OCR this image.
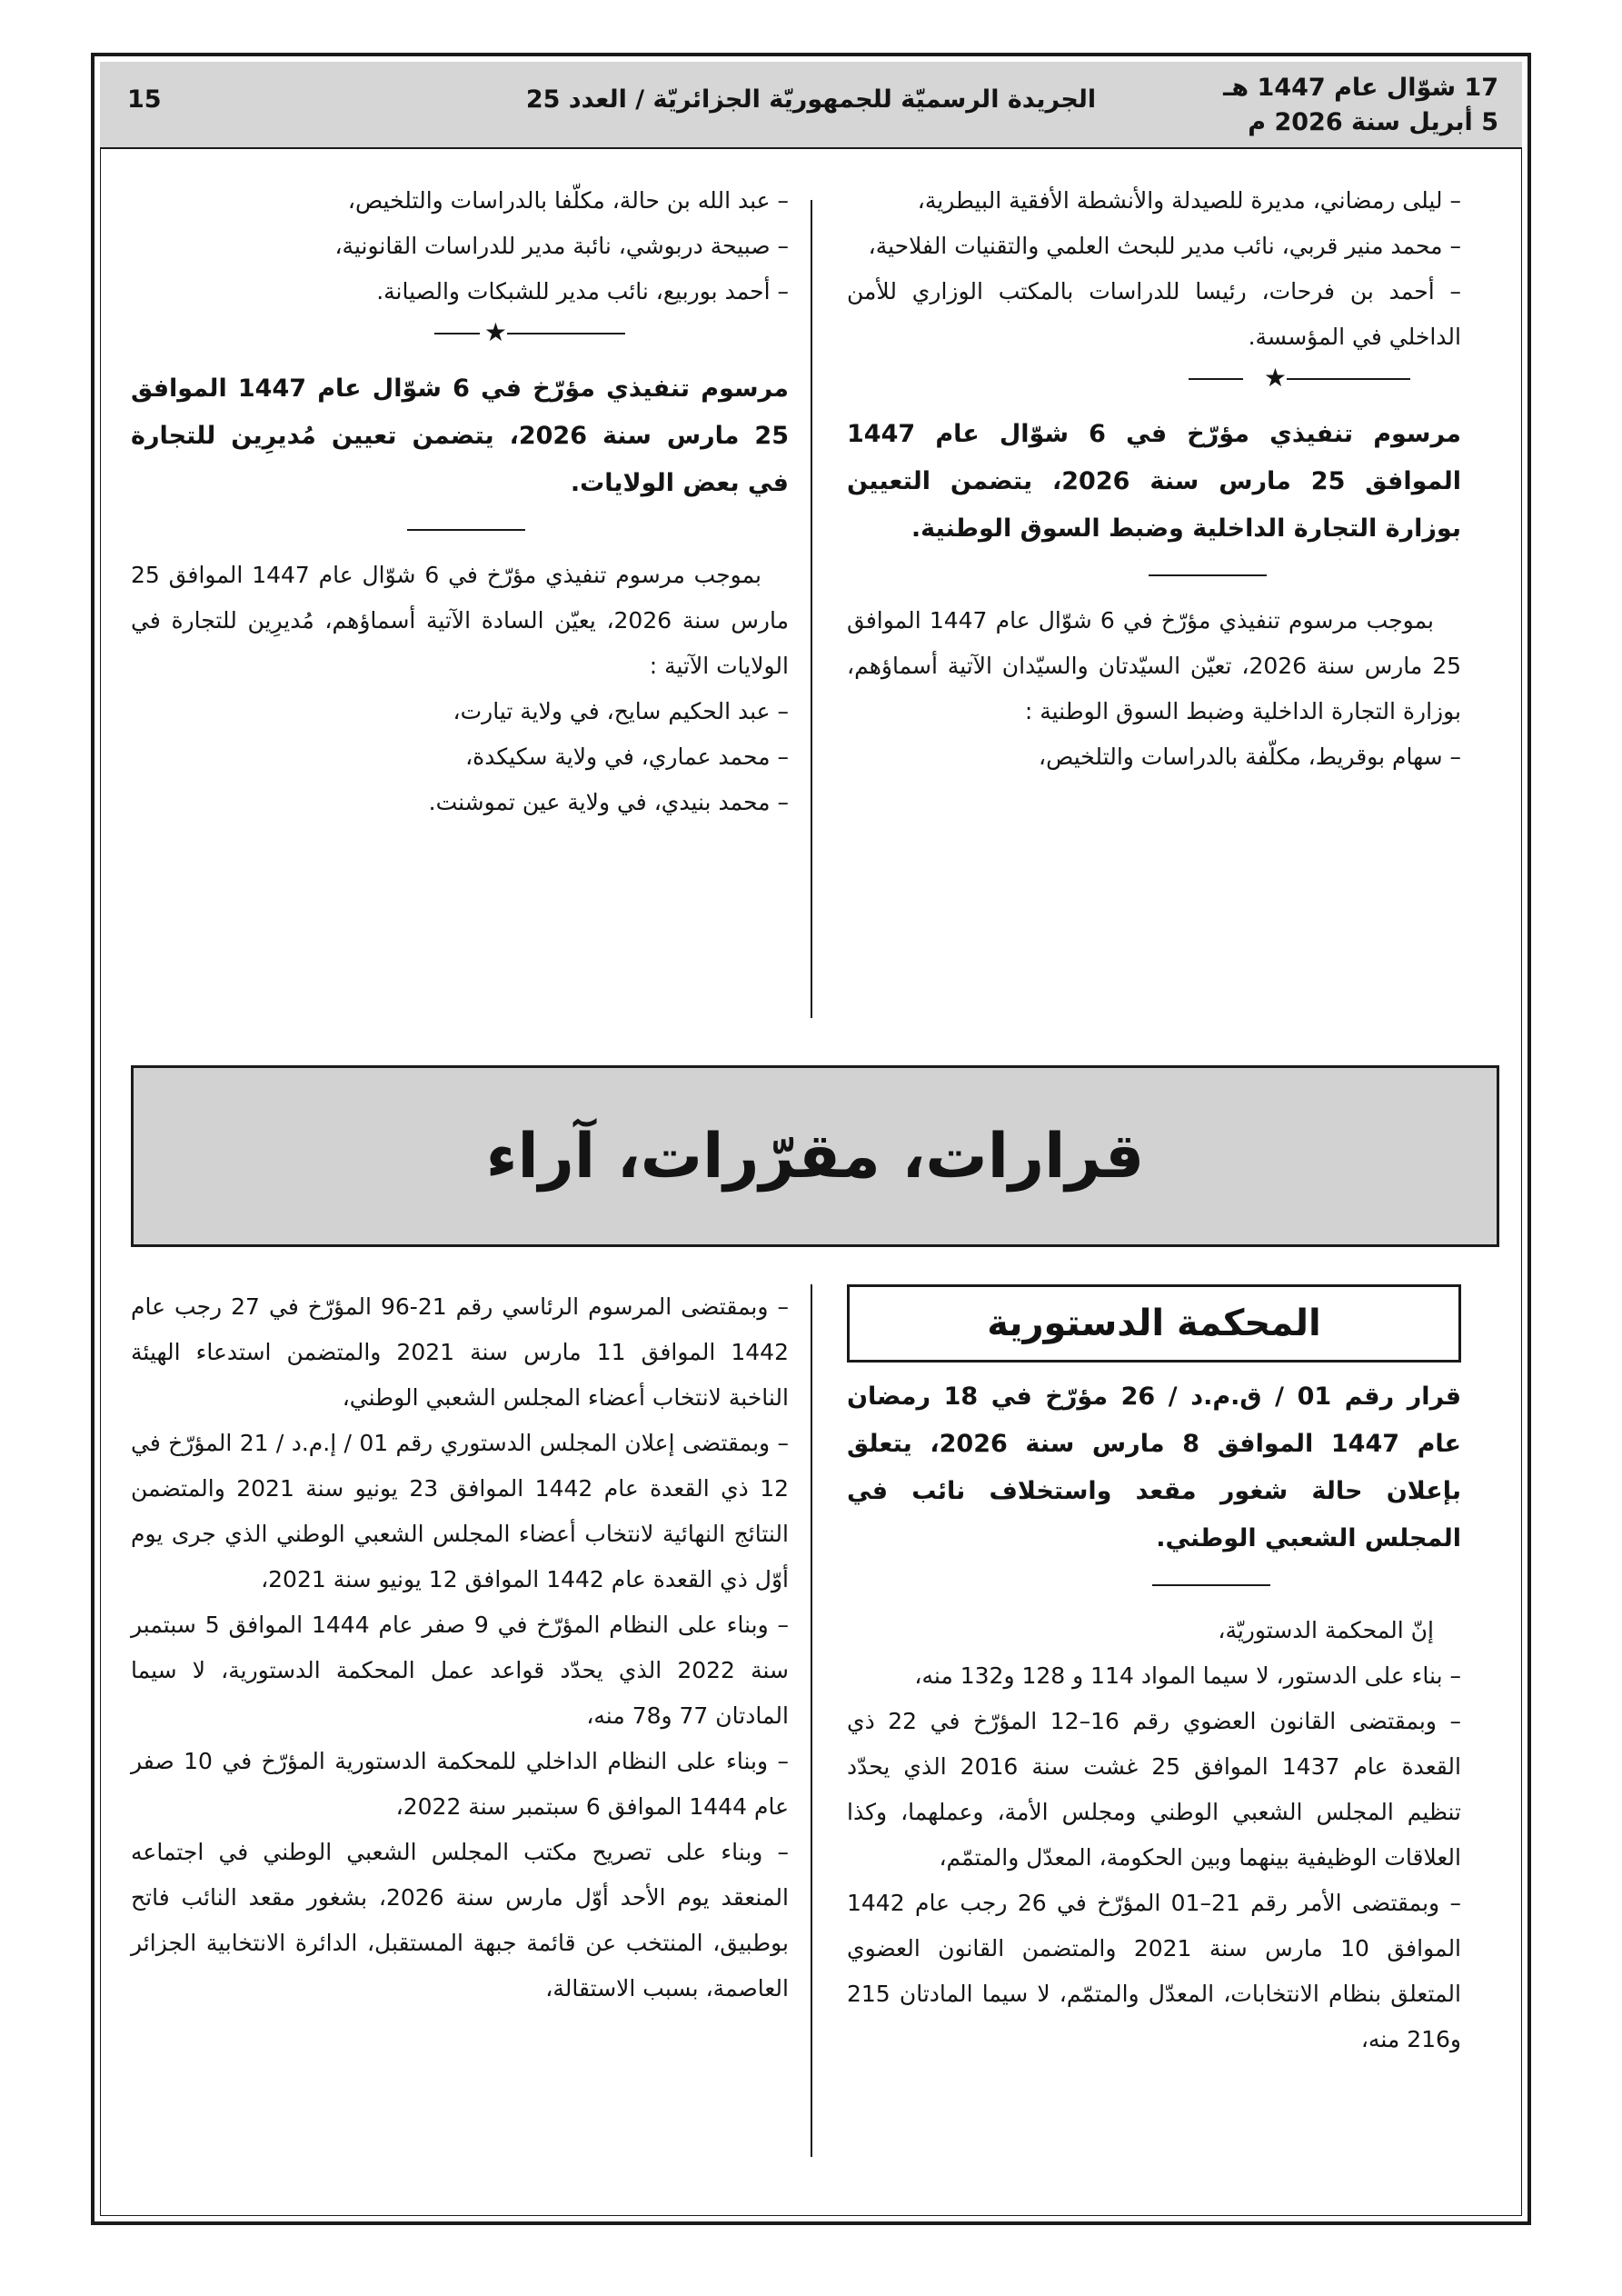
17 شوّال عام 1447 هـ
5 أبريل سنة 2026 م
الجريدة الرسميّة للجمهوريّة الجزائريّة / العدد 25
15

– ليلى رمضاني، مديرة للصيدلة والأنشطة الأفقية البيطرية،

– محمد منير قربي، نائب مدير للبحث العلمي والتقنيات الفلاحية،

– أحمد بن فرحات، رئيسا للدراسات بالمكتب الوزاري للأمن الداخلي في المؤسسة.

★

مرسوم تنفيذي مؤرّخ في 6 شوّال عام 1447 الموافق 25 مارس سنة 2026، يتضمن التعيين بوزارة التجارة الداخلية وضبط السوق الوطنية.

بموجب مرسوم تنفيذي مؤرّخ في 6 شوّال عام 1447 الموافق 25 مارس سنة 2026، تعيّن السيّدتان والسيّدان الآتية أسماؤهم، بوزارة التجارة الداخلية وضبط السوق الوطنية :

– سهام بوقريط، مكلّفة بالدراسات والتلخيص،

– عبد الله بن حالة، مكلّفا بالدراسات والتلخيص،

– صبيحة دربوشي، نائبة مدير للدراسات القانونية،

– أحمد بوربيع، نائب مدير للشبكات والصيانة.

★

مرسوم تنفيذي مؤرّخ في 6 شوّال عام 1447 الموافق 25 مارس سنة 2026، يتضمن تعيين مُديرِين للتجارة في بعض الولايات.

بموجب مرسوم تنفيذي مؤرّخ في 6 شوّال عام 1447 الموافق 25 مارس سنة 2026، يعيّن السادة الآتية أسماؤهم، مُديرِين للتجارة في الولايات الآتية :

– عبد الحكيم سايح، في ولاية تيارت،

– محمد عماري، في ولاية سكيكدة،

– محمد بنيدي، في ولاية عين تموشنت.

قرارات، مقرّرات، آراء
المحكمة الدستورية

قرار رقم 01 / ق.م.د / 26 مؤرّخ في 18 رمضان عام 1447 الموافق 8 مارس سنة 2026، يتعلق بإعلان حالة شغور مقعد واستخلاف نائب في المجلس الشعبي الوطني.

إنّ المحكمة الدستوريّة،

– بناء على الدستور، لا سيما المواد 114 و 128 و132 منه،

– وبمقتضى القانون العضوي رقم 16–12 المؤرّخ في 22 ذي القعدة عام 1437 الموافق 25 غشت سنة 2016 الذي يحدّد تنظيم المجلس الشعبي الوطني ومجلس الأمة، وعملهما، وكذا العلاقات الوظيفية بينهما وبين الحكومة، المعدّل والمتمّم،

– وبمقتضى الأمر رقم 21–01 المؤرّخ في 26 رجب عام 1442 الموافق 10 مارس سنة 2021 والمتضمن القانون العضوي المتعلق بنظام الانتخابات، المعدّل والمتمّم، لا سيما المادتان 215 و216 منه،

– وبمقتضى المرسوم الرئاسي رقم 21-96 المؤرّخ في 27 رجب عام 1442 الموافق 11 مارس سنة 2021 والمتضمن استدعاء الهيئة الناخبة لانتخاب أعضاء المجلس الشعبي الوطني،

– وبمقتضى إعلان المجلس الدستوري رقم 01 / إ.م.د / 21 المؤرّخ في 12 ذي القعدة عام 1442 الموافق 23 يونيو سنة 2021 والمتضمن النتائج النهائية لانتخاب أعضاء المجلس الشعبي الوطني الذي جرى يوم أوّل ذي القعدة عام 1442 الموافق 12 يونيو سنة 2021،

– وبناء على النظام المؤرّخ في 9 صفر عام 1444 الموافق 5 سبتمبر سنة 2022 الذي يحدّد قواعد عمل المحكمة الدستورية، لا سيما المادتان 77 و78 منه،

– وبناء على النظام الداخلي للمحكمة الدستورية المؤرّخ في 10 صفر عام 1444 الموافق 6 سبتمبر سنة 2022،

– وبناء على تصريح مكتب المجلس الشعبي الوطني في اجتماعه المنعقد يوم الأحد أوّل مارس سنة 2026، بشغور مقعد النائب فاتح بوطبيق، المنتخب عن قائمة جبهة المستقبل، الدائرة الانتخابية الجزائر العاصمة، بسبب الاستقالة،
